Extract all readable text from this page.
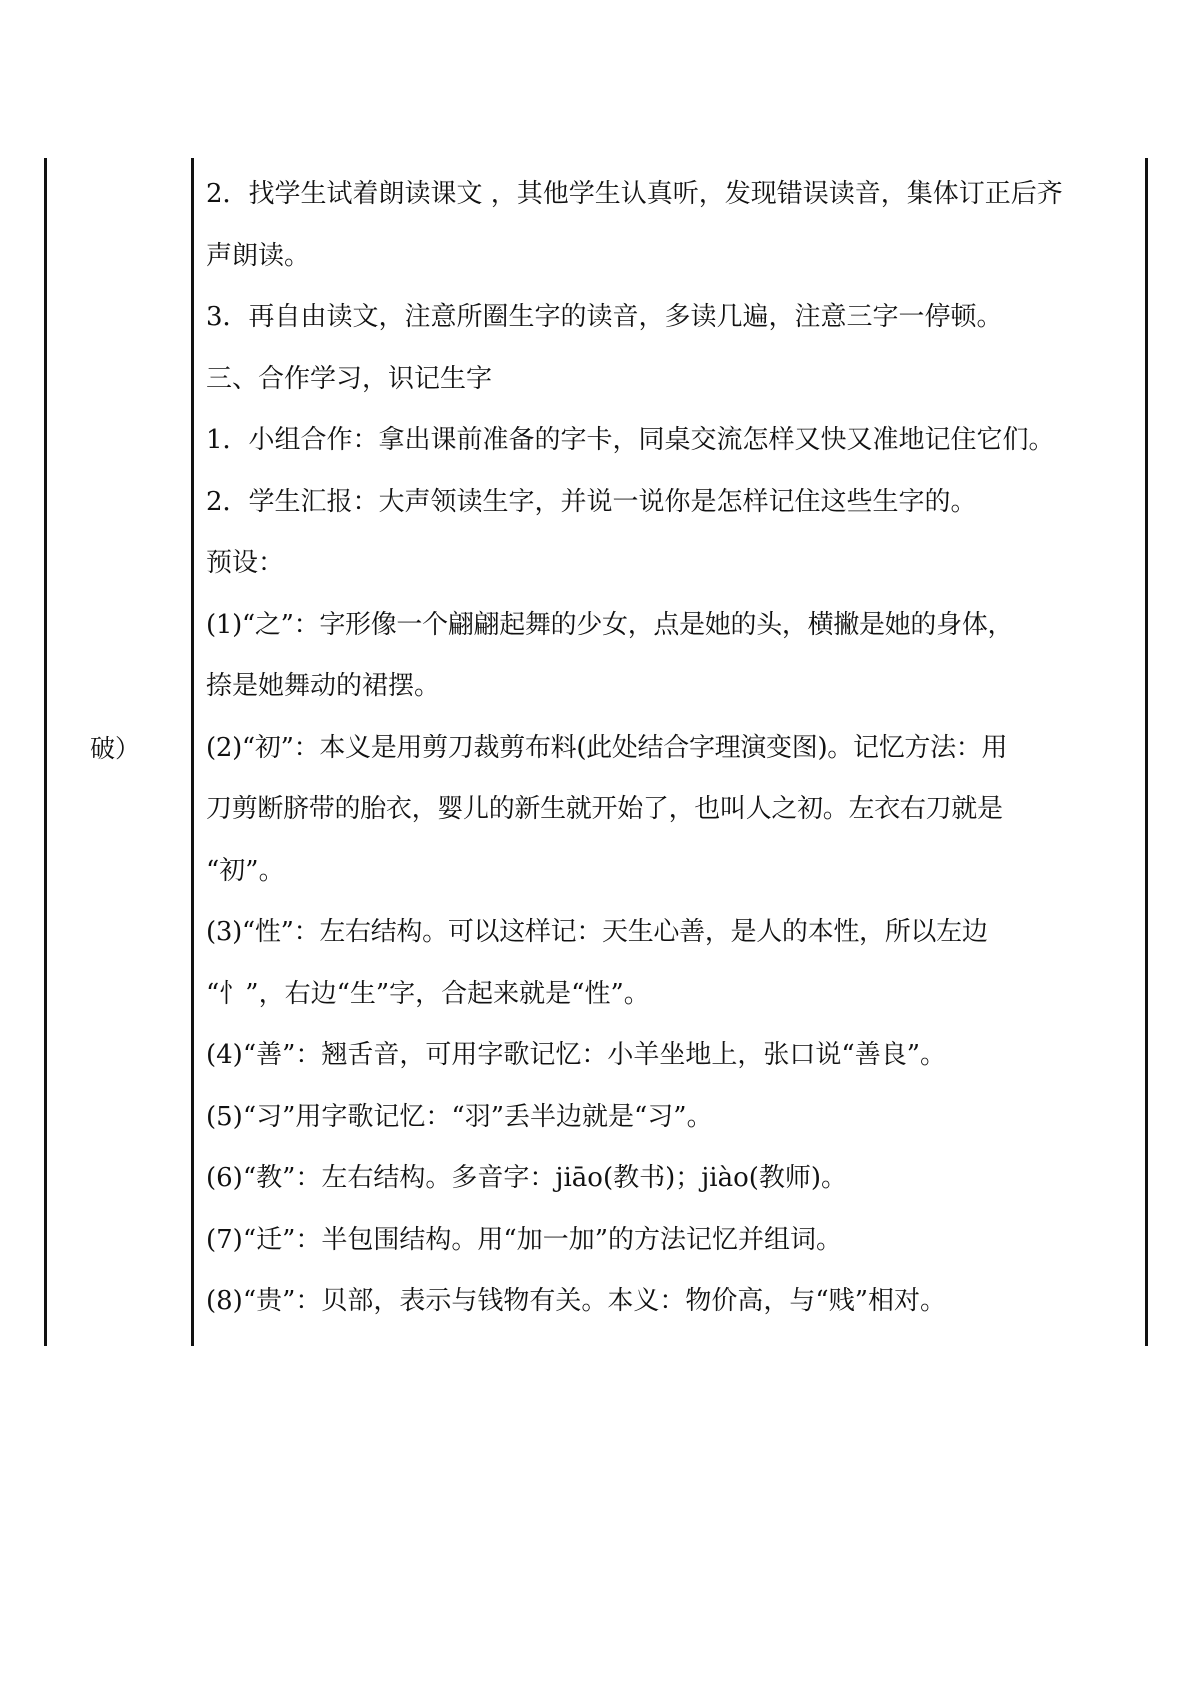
破）
2．找学生试着朗读课文 ，其他学生认真听，发现错误读音，集体订正后齐
声朗读。
3．再自由读文，注意所圈生字的读音，多读几遍，注意三字一停顿。
三、合作学习，识记生字
1．小组合作：拿出课前准备的字卡，同桌交流怎样又快又准地记住它们。
2．学生汇报：大声领读生字，并说一说你是怎样记住这些生字的。
预设：
(1)“之”：字形像一个翩翩起舞的少女，点是她的头，横撇是她的身体，
捺是她舞动的裙摆。
(2)“初”：本义是用剪刀裁剪布料(此处结合字理演变图)。记忆方法：用
刀剪断脐带的胎衣，婴儿的新生就开始了，也叫人之初。左衣右刀就是
“初”。
(3)“性”：左右结构。可以这样记：天生心善，是人的本性，所以左边
“忄”，右边“生”字，合起来就是“性”。
(4)“善”：翘舌音，可用字歌记忆：小羊坐地上，张口说“善良”。
(5)“习”用字歌记忆：“羽”丢半边就是“习”。
(6)“教”：左右结构。多音字：jiāo(教书)；jiào(教师)。
(7)“迁”：半包围结构。用“加一加”的方法记忆并组词。
(8)“贵”：贝部，表示与钱物有关。本义：物价高，与“贱”相对。
